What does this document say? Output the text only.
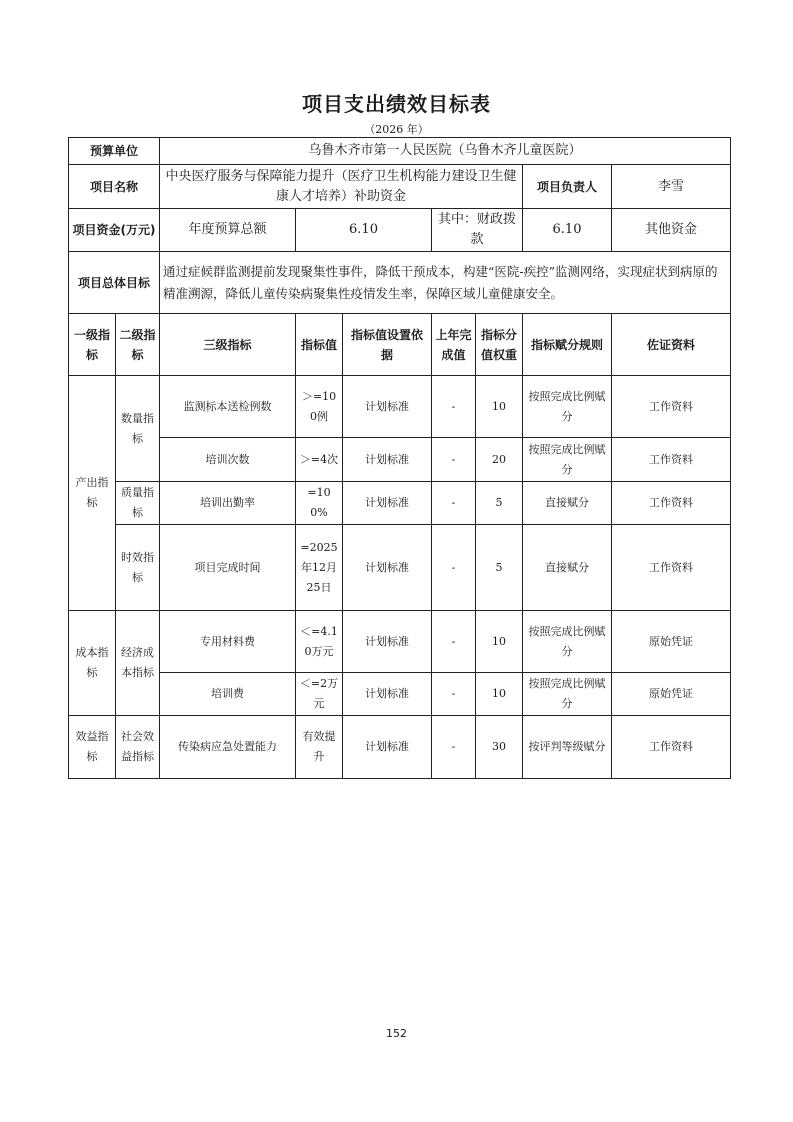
项目支出绩效目标表
（2026 年）
预算单位		乌鲁木齐市第一人民医院（乌鲁木齐儿童医院）						
项目名称		中央医疗服务与保障能力提升（医疗卫生机构能力建设卫生健康人才培养）补助资金					项目负责人	李雪
项目资金(万元)		年度预算总额	6.10		其中：财政拨款		6.10	其他资金
项目总体目标		通过症候群监测提前发现聚集性事件，降低干预成本，构建“医院-疾控”监测网络，实现症状到病原的精准溯源，降低儿童传染病聚集性疫情发生率，保障区域儿童健康安全。						
一级指标	二级指标	三级指标	指标值	指标值设置依据	上年完成值	指标分值权重	指标赋分规则	佐证资料
产出指标	数量指标	监测标本送检例数	＞=100例	计划标准	-	10	按照完成比例赋分	工作资料
		培训次数	＞=4次	计划标准	-	20	按照完成比例赋分	工作资料
	质量指标	培训出勤率	=100%	计划标准	-	5	直接赋分	工作资料
	时效指标	项目完成时间	=2025年12月25日	计划标准	-	5	直接赋分	工作资料
成本指标	经济成本指标	专用材料费	＜=4.10万元	计划标准	-	10	按照完成比例赋分	原始凭证
		培训费	＜=2万元	计划标准	-	10	按照完成比例赋分	原始凭证
效益指标	社会效益指标	传染病应急处置能力	有效提升	计划标准	-	30	按评判等级赋分	工作资料
152
